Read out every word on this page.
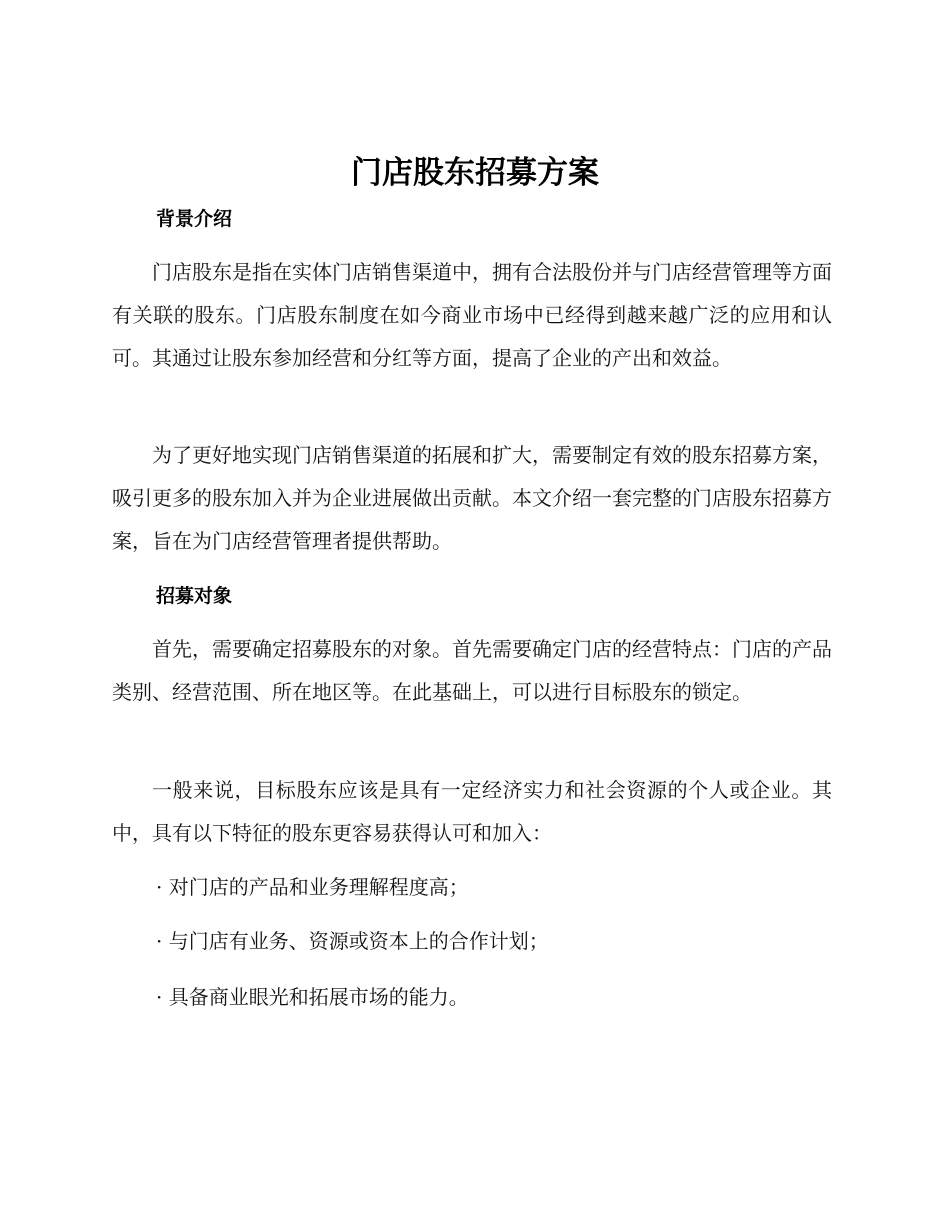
门店股东招募方案
背景介绍

门店股东是指在实体门店销售渠道中，拥有合法股份并与门店经营管理等方面有关联的股东。门店股东制度在如今商业市场中已经得到越来越广泛的应用和认可。其通过让股东参加经营和分红等方面，提高了企业的产出和效益。

为了更好地实现门店销售渠道的拓展和扩大，需要制定有效的股东招募方案，吸引更多的股东加入并为企业进展做出贡献。本文介绍一套完整的门店股东招募方案，旨在为门店经营管理者提供帮助。

招募对象

首先，需要确定招募股东的对象。首先需要确定门店的经营特点：门店的产品类别、经营范围、所在地区等。在此基础上，可以进行目标股东的锁定。

一般来说，目标股东应该是具有一定经济实力和社会资源的个人或企业。其中，具有以下特征的股东更容易获得认可和加入：

· 对门店的产品和业务理解程度高；

· 与门店有业务、资源或资本上的合作计划；

· 具备商业眼光和拓展市场的能力。
